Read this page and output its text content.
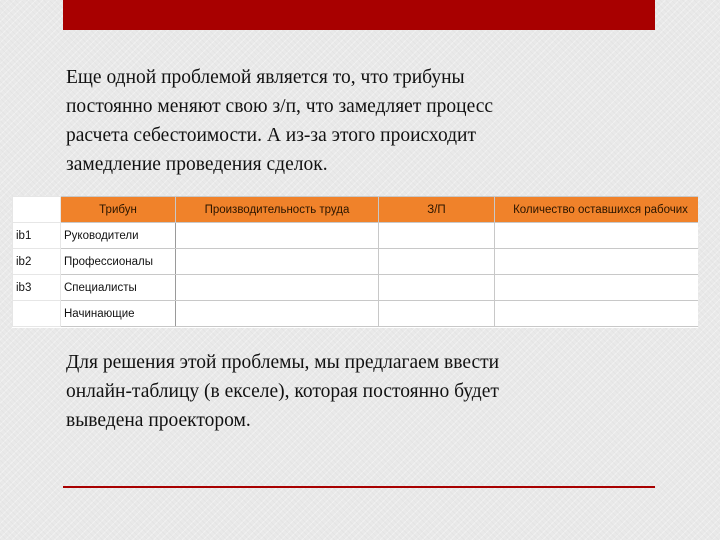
Еще одной проблемой является то, что трибуны
постоянно меняют свою з/п, что замедляет процесс
расчета себестоимости. А из-за этого происходит
замедление проведения сделок.

	Трибун	Производительность труда	З/П	Количество оставшихся рабочих
ib1	Руководители			
ib2	Профессионалы			
ib3	Специалисты			
	Начинающие			

Для решения этой проблемы, мы предлагаем ввести
онлайн-таблицу (в екселе), которая постоянно будет
выведена проектором.
